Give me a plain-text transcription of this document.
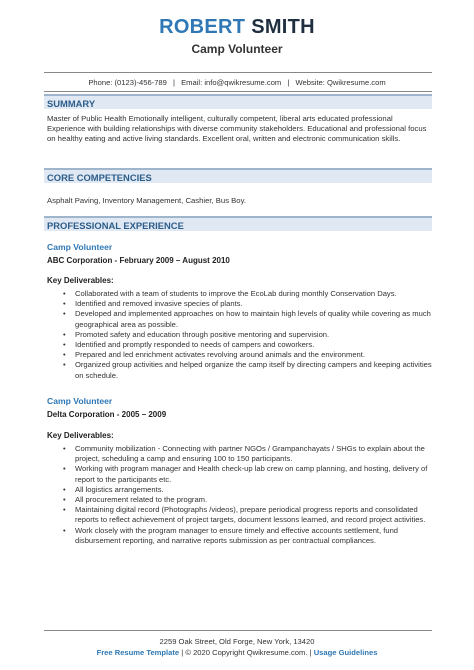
ROBERT SMITH
Camp Volunteer
Phone: (0123)-456-789 | Email: info@qwikresume.com | Website: Qwikresume.com
SUMMARY
Master of Public Health Emotionally intelligent, culturally competent, liberal arts educated professional Experience with building relationships with diverse community stakeholders. Educational and professional focus on healthy eating and active living standards. Excellent oral, written and electronic communication skills.
CORE COMPETENCIES
Asphalt Paving, Inventory Management, Cashier, Bus Boy.
PROFESSIONAL EXPERIENCE
Camp Volunteer
ABC Corporation - February 2009 – August 2010
Key Deliverables:
• Collaborated with a team of students to improve the EcoLab during monthly Conservation Days.
• Identified and removed invasive species of plants.
• Developed and implemented approaches on how to maintain high levels of quality while covering as much geographical area as possible.
• Promoted safety and education through positive mentoring and supervision.
• Identified and promptly responded to needs of campers and coworkers.
• Prepared and led enrichment activates revolving around animals and the environment.
• Organized group activities and helped organize the camp itself by directing campers and keeping activities on schedule.
Camp Volunteer
Delta Corporation - 2005 – 2009
Key Deliverables:
• Community mobilization - Connecting with partner NGOs / Grampanchayats / SHGs to explain about the project, scheduling a camp and ensuring 100 to 150 participants.
• Working with program manager and Health check-up lab crew on camp planning, and hosting, delivery of report to the participants etc.
• All logistics arrangements.
• All procurement related to the program.
• Maintaining digital record (Photographs /videos), prepare periodical progress reports and consolidated reports to reflect achievement of project targets, document lessons learned, and record project activities.
• Work closely with the program manager to ensure timely and effective accounts settlement, fund disbursement reporting, and narrative reports submission as per contractual compliances.
2259 Oak Street, Old Forge, New York, 13420
Free Resume Template | © 2020 Copyright Qwikresume.com. | Usage Guidelines
